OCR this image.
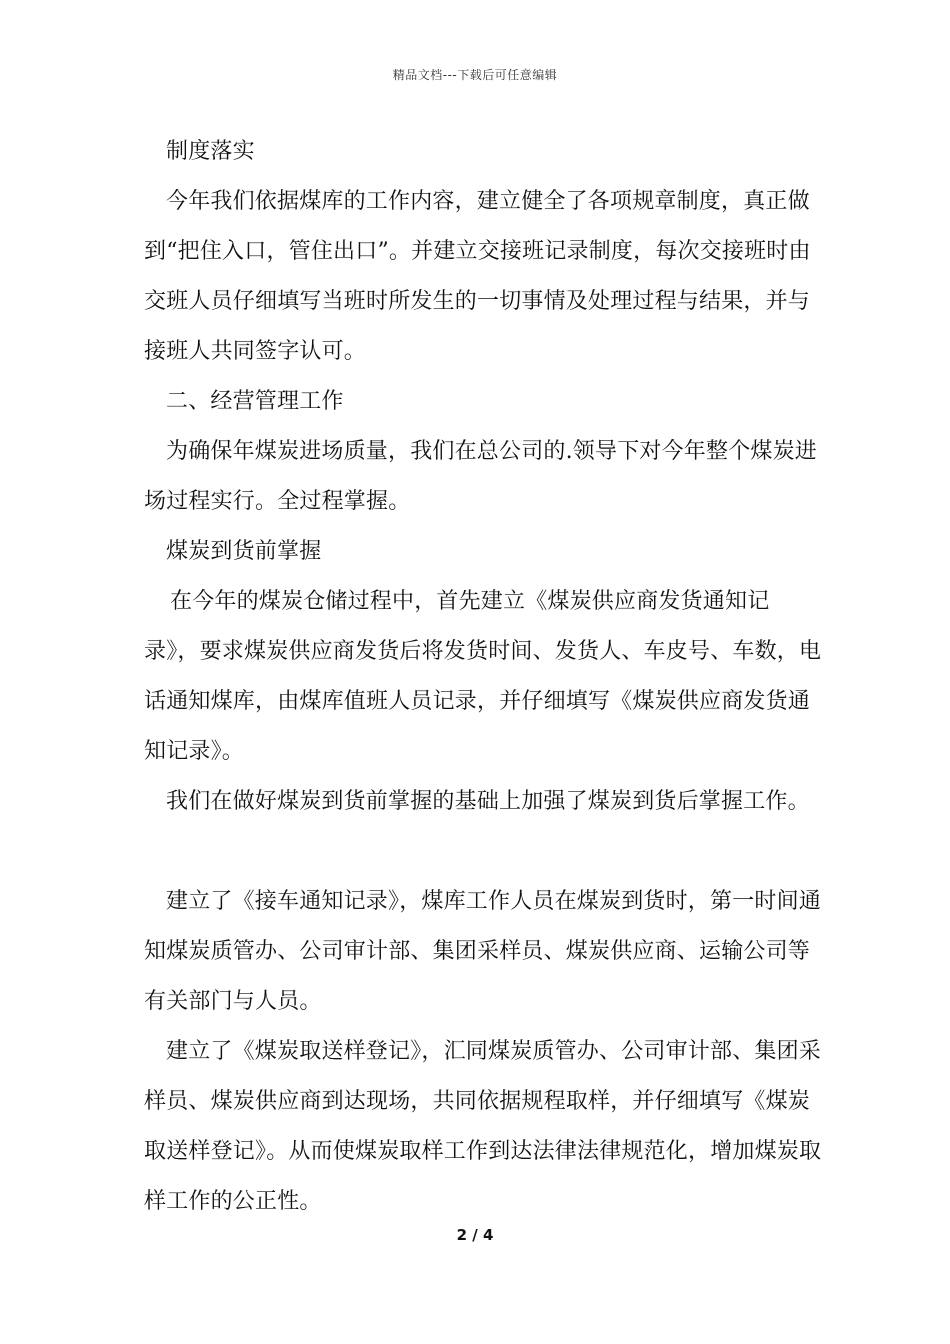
精品文档---下载后可任意编辑

制度落实

今年我们依据煤库的工作内容，建立健全了各项规章制度，真正做到“把住入口，管住出口”。并建立交接班记录制度，每次交接班时由交班人员仔细填写当班时所发生的一切事情及处理过程与结果，并与接班人共同签字认可。

二、经营管理工作

为确保年煤炭进场质量，我们在总公司的.领导下对今年整个煤炭进场过程实行。全过程掌握。

煤炭到货前掌握

在今年的煤炭仓储过程中，首先建立《煤炭供应商发货通知记录》，要求煤炭供应商发货后将发货时间、发货人、车皮号、车数，电话通知煤库，由煤库值班人员记录，并仔细填写《煤炭供应商发货通知记录》。

我们在做好煤炭到货前掌握的基础上加强了煤炭到货后掌握工作。

建立了《接车通知记录》，煤库工作人员在煤炭到货时，第一时间通知煤炭质管办、公司审计部、集团采样员、煤炭供应商、运输公司等有关部门与人员。

建立了《煤炭取送样登记》，汇同煤炭质管办、公司审计部、集团采样员、煤炭供应商到达现场，共同依据规程取样，并仔细填写《煤炭取送样登记》。从而使煤炭取样工作到达法律法律规范化，增加煤炭取样工作的公正性。

2 / 4
